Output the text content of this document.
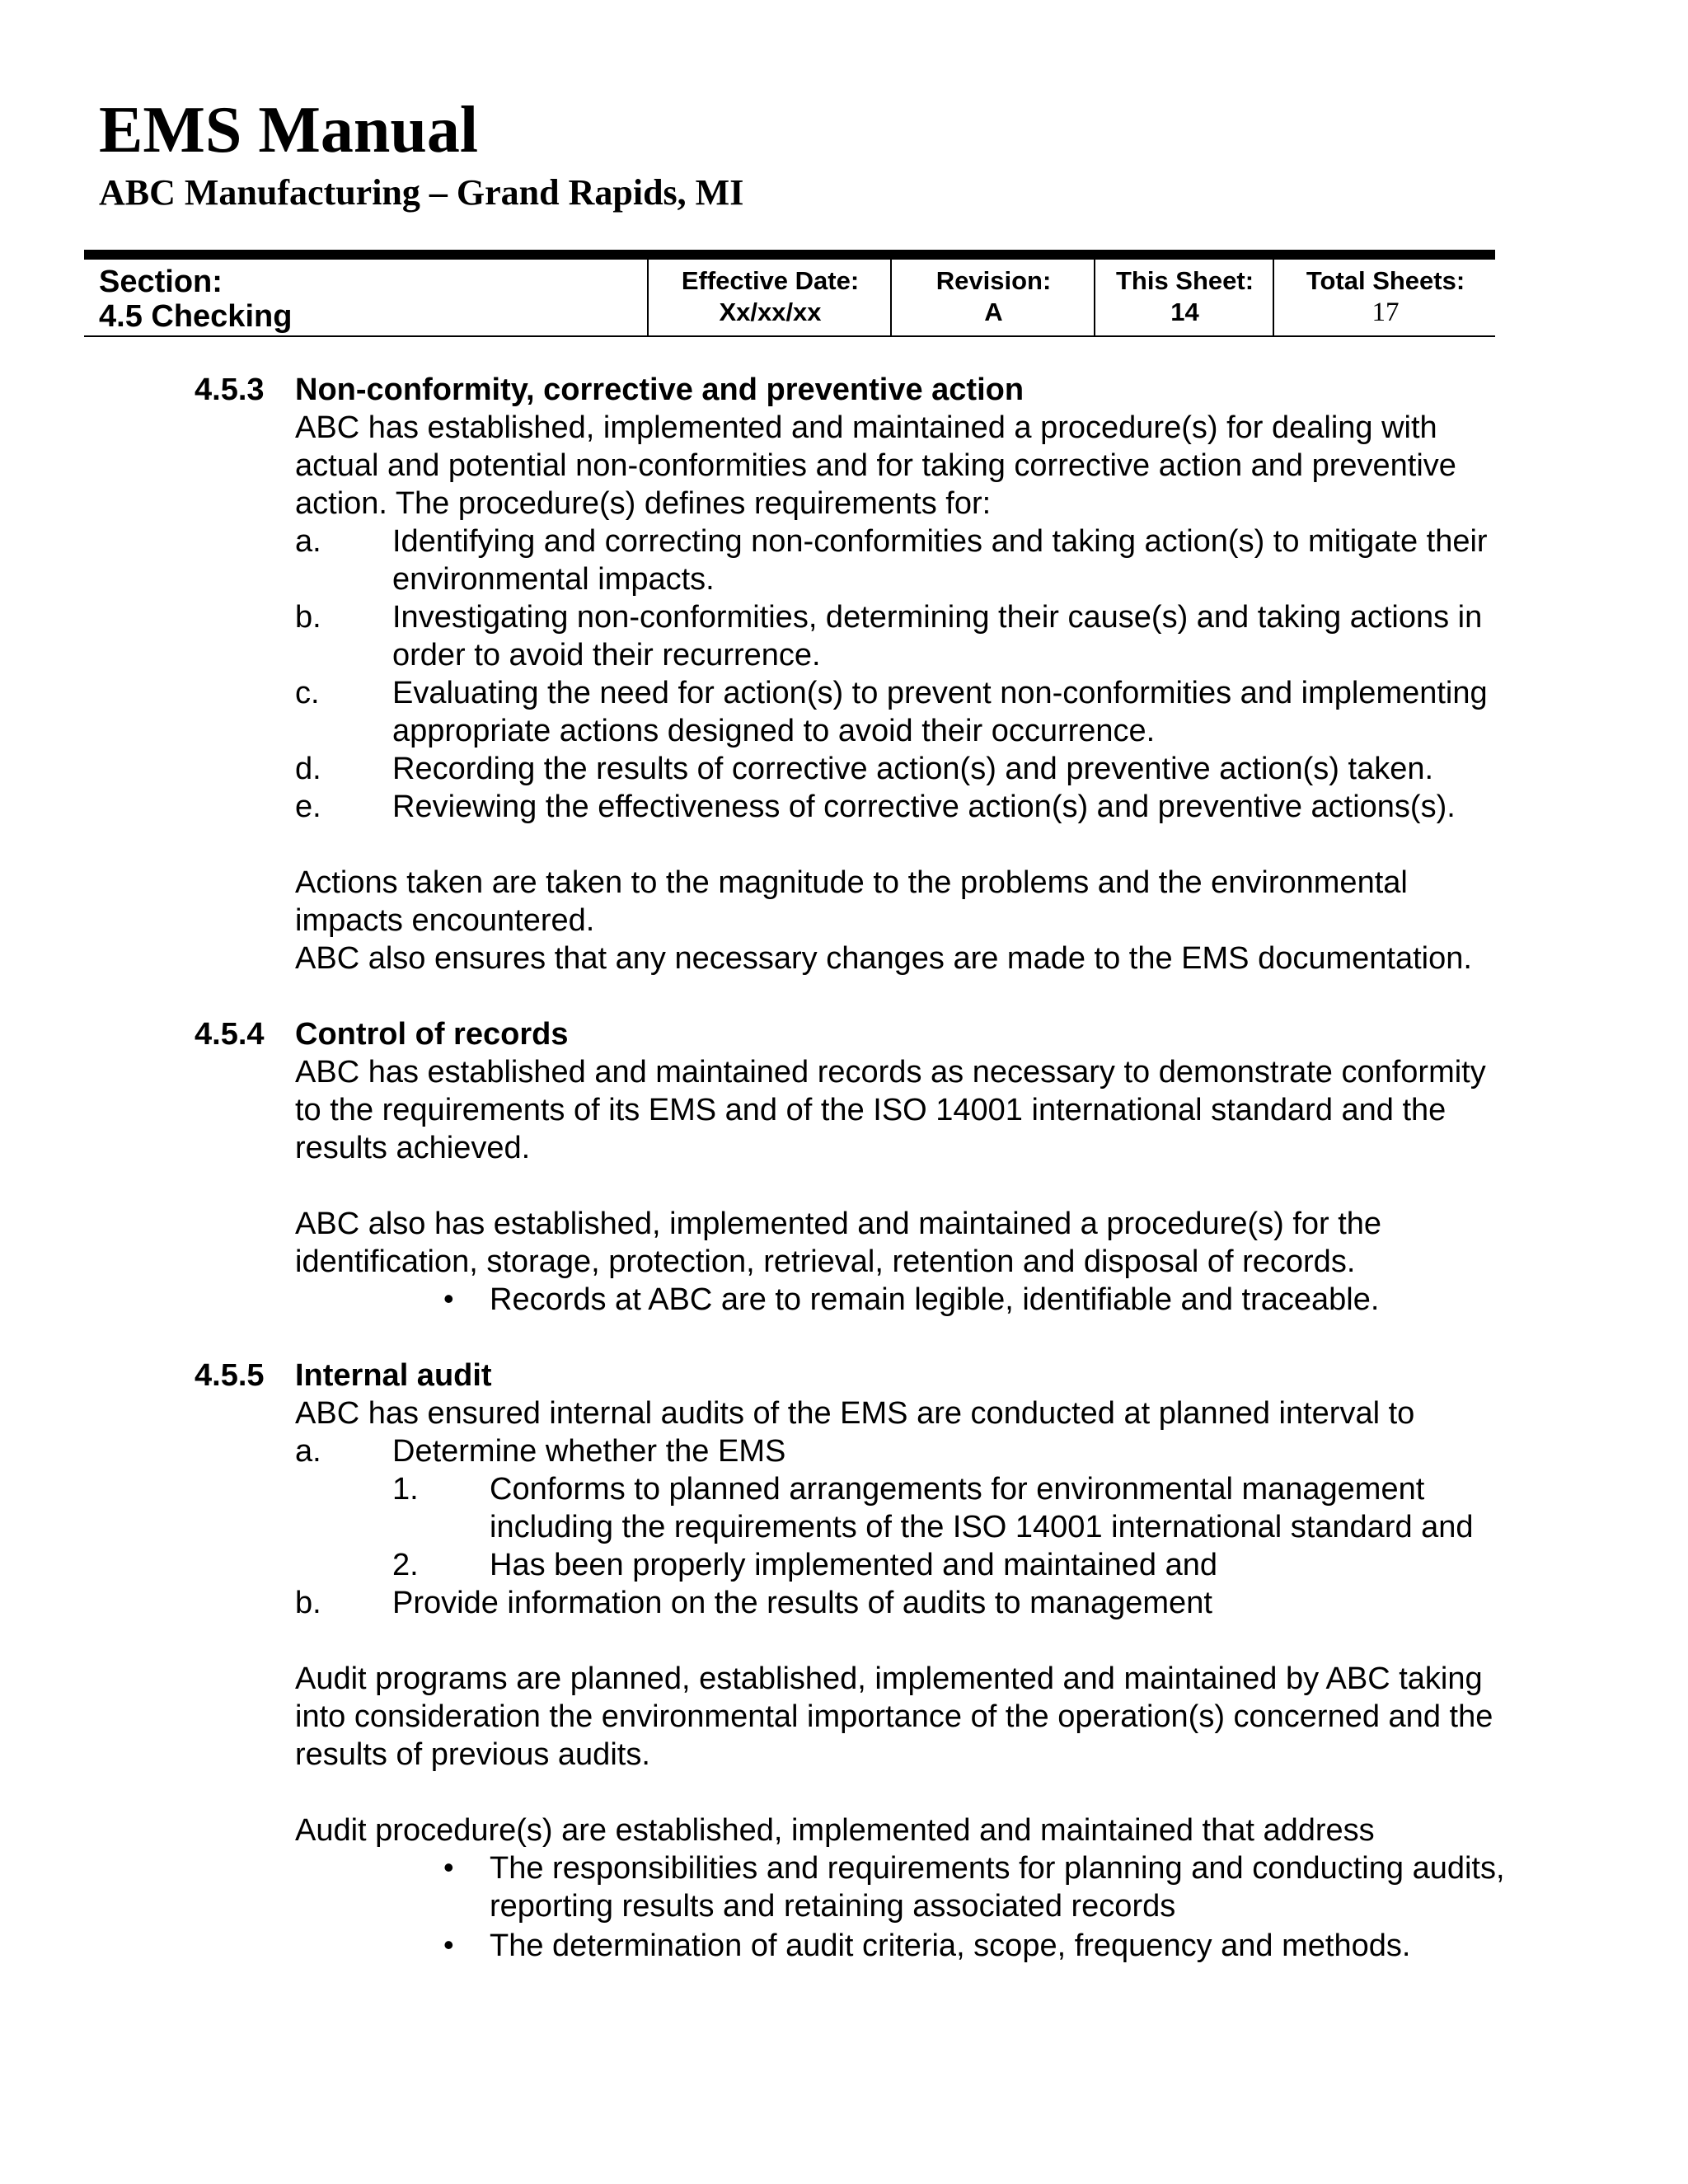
EMS Manual
ABC Manufacturing – Grand Rapids, MI
Section:
4.5 Checking
Effective Date:
Xx/xx/xx
Revision:
A
This Sheet:
14
Total Sheets:
17
4.5.3 Non-conformity, corrective and preventive action
ABC has established, implemented and maintained a procedure(s) for dealing with
actual and potential non-conformities and for taking corrective action and preventive
action. The procedure(s) defines requirements for:
a. Identifying and correcting non-conformities and taking action(s) to mitigate their
environmental impacts.
b. Investigating non-conformities, determining their cause(s) and taking actions in
order to avoid their recurrence.
c. Evaluating the need for action(s) to prevent non-conformities and implementing
appropriate actions designed to avoid their occurrence.
d. Recording the results of corrective action(s) and preventive action(s) taken.
e. Reviewing the effectiveness of corrective action(s) and preventive actions(s).
Actions taken are taken to the magnitude to the problems and the environmental
impacts encountered.
ABC also ensures that any necessary changes are made to the EMS documentation.
4.5.4 Control of records
ABC has established and maintained records as necessary to demonstrate conformity
to the requirements of its EMS and of the ISO 14001 international standard and the
results achieved.
ABC also has established, implemented and maintained a procedure(s) for the
identification, storage, protection, retrieval, retention and disposal of records.
• Records at ABC are to remain legible, identifiable and traceable.
4.5.5 Internal audit
ABC has ensured internal audits of the EMS are conducted at planned interval to
a. Determine whether the EMS
1. Conforms to planned arrangements for environmental management
including the requirements of the ISO 14001 international standard and
2. Has been properly implemented and maintained and
b. Provide information on the results of audits to management
Audit programs are planned, established, implemented and maintained by ABC taking
into consideration the environmental importance of the operation(s) concerned and the
results of previous audits.
Audit procedure(s) are established, implemented and maintained that address
• The responsibilities and requirements for planning and conducting audits,
reporting results and retaining associated records
• The determination of audit criteria, scope, frequency and methods.
